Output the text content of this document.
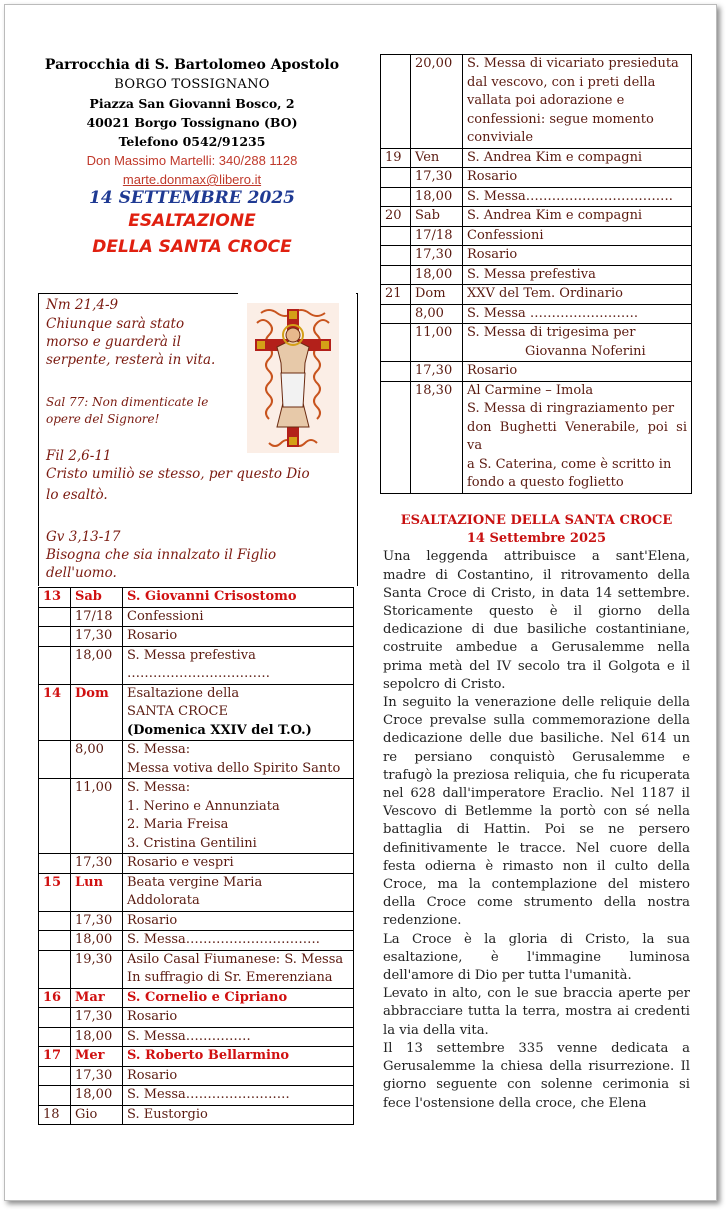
Parrocchia di S. Bartolomeo Apostolo
BORGO TOSSIGNANO
Piazza San Giovanni Bosco, 2
40021 Borgo Tossignano (BO)
Telefono 0542/91235
Don Massimo Martelli: 340/288 1128
marte.donmax@libero.it
14 SETTEMBRE 2025
ESALTAZIONE
DELLA SANTA CROCE
Nm 21,4-9
Chiunque sarà stato
morso e guarderà il
serpente, resterà in vita.
Sal 77: Non dimenticate le
opere del Signore!
Fil 2,6-11
Cristo umiliò se stesso, per questo Dio
lo esaltò.
Gv 3,13-17
Bisogna che sia innalzato il Figlio
dell'uomo.
13	Sab	S. Giovanni Crisostomo
	17/18	Confessioni
	17,30	Rosario
	18,00	S. Messa prefestiva
……………………………

14	Dom	Esaltazione della
SANTA CROCE
(Domenica XXIV del T.O.)

	8,00	S. Messa:
Messa votiva dello Spirito Santo

	11,00	S. Messa:
1. Nerino e Annunziata
2. Maria Freisa
3. Cristina Gentilini

	17,30	Rosario e vespri
15	Lun	Beata vergine Maria
Addolorata

	17,30	Rosario
	18,00	S. Messa………………………….
	19,30	Asilo Casal Fiumanese: S. Messa
In suffragio di Sr. Emerenziana

16	Mar	S. Cornelio e Cipriano
	17,30	Rosario
	18,00	S. Messa……………
17	Mer	S. Roberto Bellarmino
	17,30	Rosario
	18,00	S. Messa……………………
18	Gio	S. Eustorgio
	20,00	S. Messa di vicariato presieduta
dal vescovo, con i preti della
vallata poi adorazione e
confessioni: segue momento
conviviale

19	Ven	S. Andrea Kim e compagni
	17,30	Rosario
	18,00	S. Messa…………………………….
20	Sab	S. Andrea Kim e compagni
	17/18	Confessioni
	17,30	Rosario
	18,00	S. Messa prefestiva
21	Dom	XXV del Tem. Ordinario
	8,00	S. Messa …………………….
	11,00	S. Messa di trigesima per
Giovanna Noferini

	17,30	Rosario
	18,30	Al Carmine – Imola
S. Messa di ringraziamento per
don Bughetti Venerabile, poi si va
a S. Caterina, come è scritto in
fondo a questo foglietto
ESALTAZIONE DELLA SANTA CROCE
14 Settembre 2025

Una leggenda attribuisce a sant'Elena, madre di Costantino, il ritrovamento della Santa Croce di Cristo, in data 14 settembre. Storicamente questo è il giorno della dedicazione di due basiliche costantiniane, costruite ambedue a Gerusalemme nella prima metà del IV secolo tra il Golgota e il sepolcro di Cristo.

In seguito la venerazione delle reliquie della Croce prevalse sulla commemorazione della dedicazione delle due basiliche. Nel 614 un re persiano conquistò Gerusalemme e trafugò la preziosa reliquia, che fu ricuperata nel 628 dall'imperatore Eraclio. Nel 1187 il Vescovo di Betlemme la portò con sé nella battaglia di Hattin. Poi se ne persero definitivamente le tracce. Nel cuore della festa odierna è rimasto non il culto della Croce, ma la contemplazione del mistero della Croce come strumento della nostra redenzione.

La Croce è la gloria di Cristo, la sua esaltazione, è l'immagine luminosa dell'amore di Dio per tutta l'umanità.

Levato in alto, con le sue braccia aperte per abbracciare tutta la terra, mostra ai credenti la via della vita.

Il 13 settembre 335 venne dedicata a Gerusalemme la chiesa della risurrezione. Il giorno seguente con solenne cerimonia si fece l'ostensione della croce, che Elena
